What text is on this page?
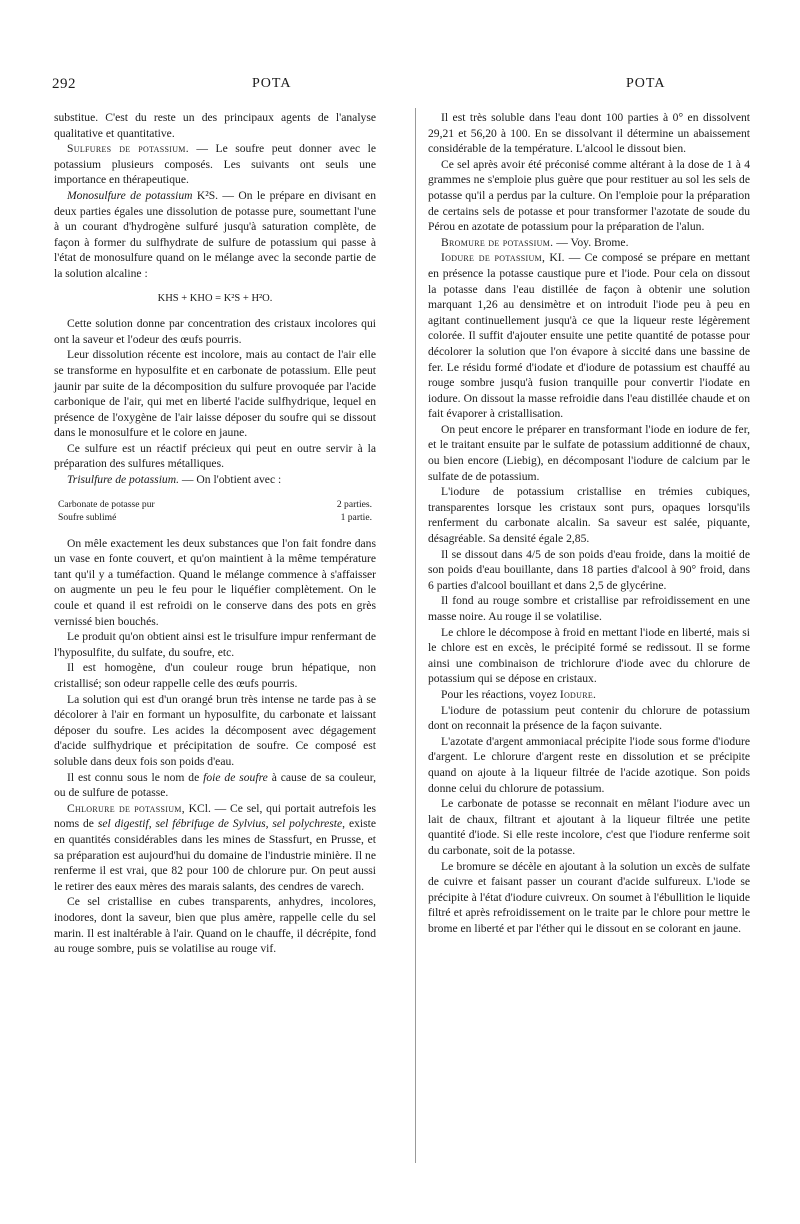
292	POTA	POTA

substitue. C'est du reste un des principaux agents de l'analyse qualitative et quantitative.

Sulfures de potassium. — Le soufre peut donner avec le potassium plusieurs composés. Les suivants ont seuls une importance en thérapeutique.

Monosulfure de potassium K²S. — On le prépare en divisant en deux parties égales une dissolution de potasse pure, soumettant l'une à un courant d'hydrogène sulfuré jusqu'à saturation complète, de façon à former du sulfhydrate de sulfure de potassium qui passe à l'état de monosulfure quand on le mélange avec la seconde partie de la solution alcaline :

KHS + KHO = K²S + H²O.

Cette solution donne par concentration des cristaux incolores qui ont la saveur et l'odeur des œufs pourris.

Leur dissolution récente est incolore, mais au contact de l'air elle se transforme en hyposulfite et en carbonate de potassium. Elle peut jaunir par suite de la décomposition du sulfure provoquée par l'acide carbonique de l'air, qui met en liberté l'acide sulfhydrique, lequel en présence de l'oxygène de l'air laisse déposer du soufre qui se dissout dans le monosulfure et le colore en jaune.

Ce sulfure est un réactif précieux qui peut en outre servir à la préparation des sulfures métalliques.

Trisulfure de potassium. — On l'obtient avec :

Carbonate de potasse pur	2 parties.
Soufre sublimé	1 partie.

On mêle exactement les deux substances que l'on fait fondre dans un vase en fonte couvert, et qu'on maintient à la même température tant qu'il y a tuméfaction. Quand le mélange commence à s'affaisser on augmente un peu le feu pour le liquéfier complètement. On le coule et quand il est refroidi on le conserve dans des pots en grès vernissé bien bouchés.

Le produit qu'on obtient ainsi est le trisulfure impur renfermant de l'hyposulfite, du sulfate, du soufre, etc.

Il est homogène, d'un couleur rouge brun hépatique, non cristallisé; son odeur rappelle celle des œufs pourris.

La solution qui est d'un orangé brun très intense ne tarde pas à se décolorer à l'air en formant un hyposulfite, du carbonate et laissant déposer du soufre. Les acides la décomposent avec dégagement d'acide sulfhydrique et précipitation de soufre. Ce composé est soluble dans deux fois son poids d'eau.

Il est connu sous le nom de foie de soufre à cause de sa couleur, ou de sulfure de potasse.

Chlorure de potassium, KCl. — Ce sel, qui portait autrefois les noms de sel digestif, sel fébrifuge de Sylvius, sel polychreste, existe en quantités considérables dans les mines de Stassfurt, en Prusse, et sa préparation est aujourd'hui du domaine de l'industrie minière. Il ne renferme il est vrai, que 82 pour 100 de chlorure pur. On peut aussi le retirer des eaux mères des marais salants, des cendres de varech.

Ce sel cristallise en cubes transparents, anhydres, incolores, inodores, dont la saveur, bien que plus amère, rappelle celle du sel marin. Il est inaltérable à l'air. Quand on le chauffe, il décrépite, fond au rouge sombre, puis se volatilise au rouge vif.

Il est très soluble dans l'eau dont 100 parties à 0° en dissolvent 29,21 et 56,20 à 100. En se dissolvant il détermine un abaissement considérable de la température. L'alcool le dissout bien.

Ce sel après avoir été préconisé comme altérant à la dose de 1 à 4 grammes ne s'emploie plus guère que pour restituer au sol les sels de potasse qu'il a perdus par la culture. On l'emploie pour la préparation de certains sels de potasse et pour transformer l'azotate de soude du Pérou en azotate de potassium pour la préparation de l'alun.

Bromure de potassium. — Voy. Brome.

Iodure de potassium, KI. — Ce composé se prépare en mettant en présence la potasse caustique pure et l'iode. Pour cela on dissout la potasse dans l'eau distillée de façon à obtenir une solution marquant 1,26 au densimètre et on introduit l'iode peu à peu en agitant continuellement jusqu'à ce que la liqueur reste légèrement colorée. Il suffit d'ajouter ensuite une petite quantité de potasse pour décolorer la solution que l'on évapore à siccité dans une bassine de fer. Le résidu formé d'iodate et d'iodure de potassium est chauffé au rouge sombre jusqu'à fusion tranquille pour convertir l'iodate en iodure. On dissout la masse refroidie dans l'eau distillée chaude et on fait évaporer à cristallisation.

On peut encore le préparer en transformant l'iode en iodure de fer, et le traitant ensuite par le sulfate de potassium additionné de chaux, ou bien encore (Liebig), en décomposant l'iodure de calcium par le sulfate de de potassium.

L'iodure de potassium cristallise en trémies cubiques, transparentes lorsque les cristaux sont purs, opaques lorsqu'ils renferment du carbonate alcalin. Sa saveur est salée, piquante, désagréable. Sa densité égale 2,85.

Il se dissout dans 4/5 de son poids d'eau froide, dans la moitié de son poids d'eau bouillante, dans 18 parties d'alcool à 90° froid, dans 6 parties d'alcool bouillant et dans 2,5 de glycérine.

Il fond au rouge sombre et cristallise par refroidissement en une masse noire. Au rouge il se volatilise.

Le chlore le décompose à froid en mettant l'iode en liberté, mais si le chlore est en excès, le précipité formé se redissout. Il se forme ainsi une combinaison de trichlorure d'iode avec du chlorure de potassium qui se dépose en cristaux.

Pour les réactions, voyez Iodure.

L'iodure de potassium peut contenir du chlorure de potassium dont on reconnait la présence de la façon suivante.

L'azotate d'argent ammoniacal précipite l'iode sous forme d'iodure d'argent. Le chlorure d'argent reste en dissolution et se précipite quand on ajoute à la liqueur filtrée de l'acide azotique. Son poids donne celui du chlorure de potassium.

Le carbonate de potasse se reconnait en mêlant l'iodure avec un lait de chaux, filtrant et ajoutant à la liqueur filtrée une petite quantité d'iode. Si elle reste incolore, c'est que l'iodure renferme soit du carbonate, soit de la potasse.

Le bromure se décèle en ajoutant à la solution un excès de sulfate de cuivre et faisant passer un courant d'acide sulfureux. L'iode se précipite à l'état d'iodure cuivreux. On soumet à l'ébullition le liquide filtré et après refroidissement on le traite par le chlore pour mettre le brome en liberté et par l'éther qui le dissout en se colorant en jaune.
